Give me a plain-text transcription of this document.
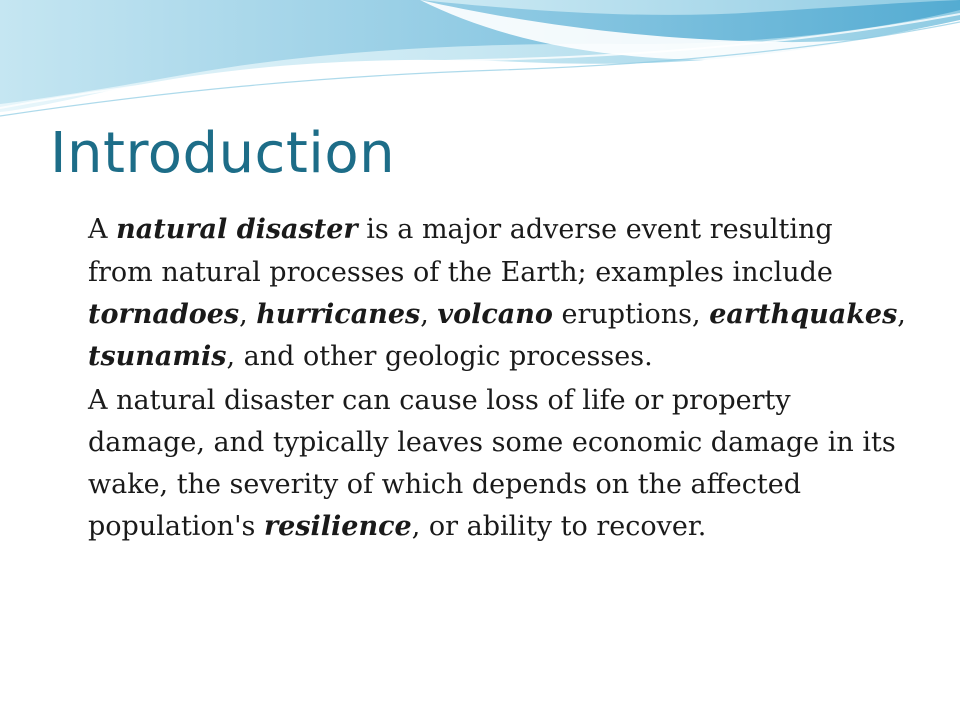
Introduction

A natural disaster is a major adverse event resulting

from natural processes of the Earth; examples include tornadoes, hurricanes, volcano eruptions, earthquakes, tsunamis, and other geologic processes.

A natural disaster can cause loss of life or property damage, and typically leaves some economic damage in its wake, the severity of which depends on the affected population's resilience, or ability to recover.
